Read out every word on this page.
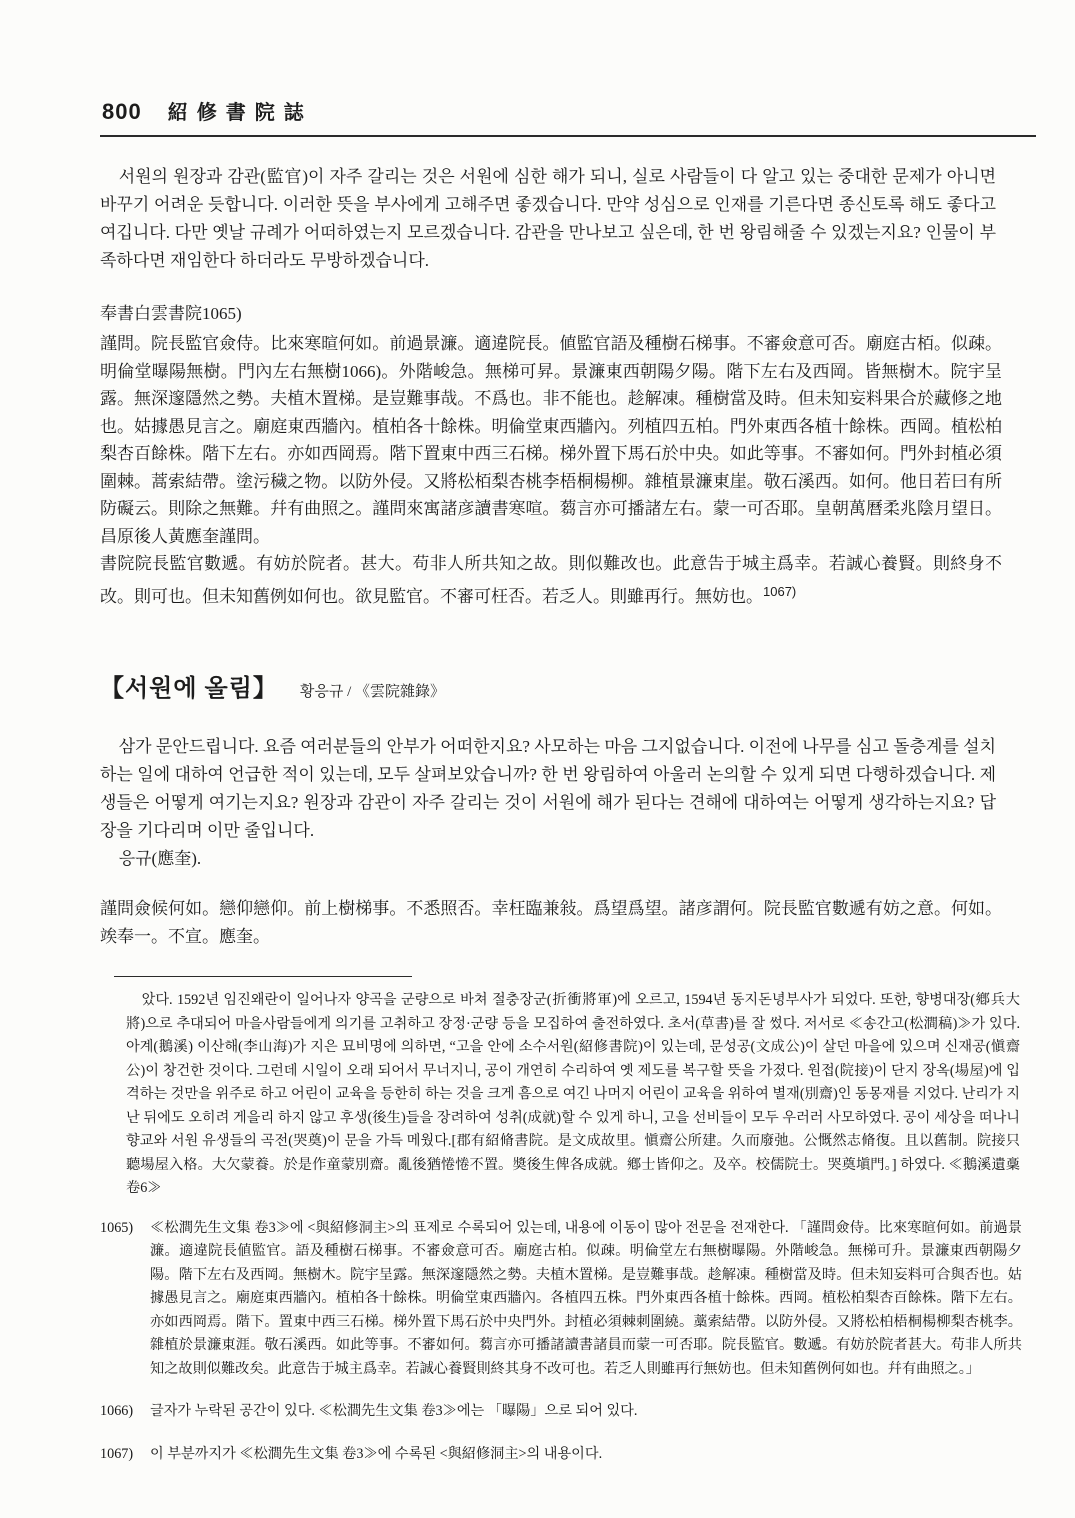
800 紹修書院誌

서원의 원장과 감관(監官)이 자주 갈리는 것은 서원에 심한 해가 되니, 실로 사람들이 다 알고 있는 중대한 문제가 아니면 바꾸기 어려운 듯합니다. 이러한 뜻을 부사에게 고해주면 좋겠습니다. 만약 성심으로 인재를 기른다면 종신토록 해도 좋다고 여깁니다. 다만 옛날 규례가 어떠하였는지 모르겠습니다. 감관을 만나보고 싶은데, 한 번 왕림해줄 수 있겠는지요? 인물이 부족하다면 재임한다 하더라도 무방하겠습니다.

奉書白雲書院1065)

謹問。院長監官僉侍。比來寒暄何如。前過景濂。適違院長。値監官語及種樹石梯事。不審僉意可否。廟庭古栢。似疎。明倫堂曝陽無樹。門內左右無樹1066)。外階峻急。無梯可昇。景濂東西朝陽夕陽。階下左右及西岡。皆無樹木。院宇呈露。無深邃隱然之勢。夫植木置梯。是豈難事哉。不爲也。非不能也。趁解凍。種樹當及時。但未知妄料果合於藏修之地也。姑據愚見言之。廟庭東西牆內。植柏各十餘株。明倫堂東西牆內。列植四五柏。門外東西各植十餘株。西岡。植松柏梨杏百餘株。階下左右。亦如西岡焉。階下置東中西三石梯。梯外置下馬石於中央。如此等事。不審如何。門外封植必須圍棘。蒿索結帶。塗污穢之物。以防外侵。又將松栢梨杏桃李梧桐楊柳。雜植景濂東崖。敬石溪西。如何。他日若曰有所防礙云。則除之無難。幷有曲照之。謹問來寓諸彦讀書寒喧。蒭言亦可播諸左右。蒙一可否耶。皇朝萬曆柔兆陰月望日。昌原後人黃應奎謹問。

書院院長監官數遞。有妨於院者。甚大。苟非人所共知之故。則似難改也。此意告于城主爲幸。若誠心養賢。則終身不改。則可也。但未知舊例如何也。欲見監官。不審可枉否。若乏人。則雖再行。無妨也。$^{1067)}$

【서원에 올림】 황응규 / 《雲院雜錄》

삼가 문안드립니다. 요즘 여러분들의 안부가 어떠한지요? 사모하는 마음 그지없습니다. 이전에 나무를 심고 돌층계를 설치하는 일에 대하여 언급한 적이 있는데, 모두 살펴보았습니까? 한 번 왕림하여 아울러 논의할 수 있게 되면 다행하겠습니다. 제생들은 어떻게 여기는지요? 원장과 감관이 자주 갈리는 것이 서원에 해가 된다는 견해에 대하여는 어떻게 생각하는지요? 답장을 기다리며 이만 줄입니다.

응규(應奎).

謹問僉候何如。戀仰戀仰。前上樹梯事。不悉照否。幸枉臨兼敍。爲望爲望。諸彦謂何。院長監官數遞有妨之意。何如。竢奉一。不宣。應奎。

았다. 1592년 임진왜란이 일어나자 양곡을 군량으로 바쳐 절충장군(折衝將軍)에 오르고, 1594년 동지돈녕부사가 되었다. 또한, 향병대장(鄕兵大將)으로 추대되어 마을사람들에게 의기를 고취하고 장정·군량 등을 모집하여 출전하였다. 초서(草書)를 잘 썼다. 저서로 ≪송간고(松澗稿)≫가 있다. 아계(鵝溪) 이산해(李山海)가 지은 묘비명에 의하면, “고을 안에 소수서원(紹修書院)이 있는데, 문성공(文成公)이 살던 마을에 있으며 신재공(愼齋公)이 창건한 것이다. 그런데 시일이 오래 되어서 무너지니, 공이 개연히 수리하여 옛 제도를 복구할 뜻을 가졌다. 원접(院接)이 단지 장옥(場屋)에 입격하는 것만을 위주로 하고 어린이 교육을 등한히 하는 것을 크게 흠으로 여긴 나머지 어린이 교육을 위하여 별재(別齋)인 동몽재를 지었다. 난리가 지난 뒤에도 오히려 게을리 하지 않고 후생(後生)들을 장려하여 성취(成就)할 수 있게 하니, 고을 선비들이 모두 우러러 사모하였다. 공이 세상을 떠나니 향교와 서원 유생들의 곡전(哭奠)이 문을 가득 메웠다.[郡有紹脩書院。是文成故里。愼齋公所建。久而廢弛。公慨然志脩復。且以舊制。院接只聽場屋入格。大欠蒙養。於是作童蒙別齋。亂後猶惓惓不置。奬後生俾各成就。鄕士皆仰之。及卒。校儒院士。哭奠塡門。] 하였다. ≪鵝溪遺稾 卷6≫

1065) ≪松澗先生文集 卷3≫에 <與紹修洞主>의 표제로 수록되어 있는데, 내용에 이동이 많아 전문을 전재한다. 「謹問僉侍。比來寒暄何如。前過景濂。適違院長値監官。語及種樹石梯事。不審僉意可否。廟庭古柏。似疎。明倫堂左右無樹曝陽。外階峻急。無梯可升。景濂東西朝陽夕陽。階下左右及西岡。無樹木。院宇呈露。無深邃隱然之勢。夫植木置梯。是豈難事哉。趁解凍。種樹當及時。但未知妄料可合與否也。姑據愚見言之。廟庭東西牆內。植柏各十餘株。明倫堂東西牆內。各植四五株。門外東西各植十餘株。西岡。植松柏梨杏百餘株。階下左右。亦如西岡焉。階下。置東中西三石梯。梯外置下馬石於中央門外。封植必須棘刺圍繞。藁索結帶。以防外侵。又將松柏梧桐楊柳梨杏桃李。雜植於景濂東涯。敬石溪西。如此等事。不審如何。蒭言亦可播諸讀書諸員而蒙一可否耶。院長監官。數遞。有妨於院者甚大。苟非人所共知之故則似難改矣。此意告于城主爲幸。若誠心養賢則終其身不改可也。若乏人則雖再行無妨也。但未知舊例何如也。幷有曲照之。」
1066) 글자가 누락된 공간이 있다. ≪松澗先生文集 卷3≫에는 「曝陽」으로 되어 있다.
1067) 이 부분까지가 ≪松澗先生文集 卷3≫에 수록된 <與紹修洞主>의 내용이다.
